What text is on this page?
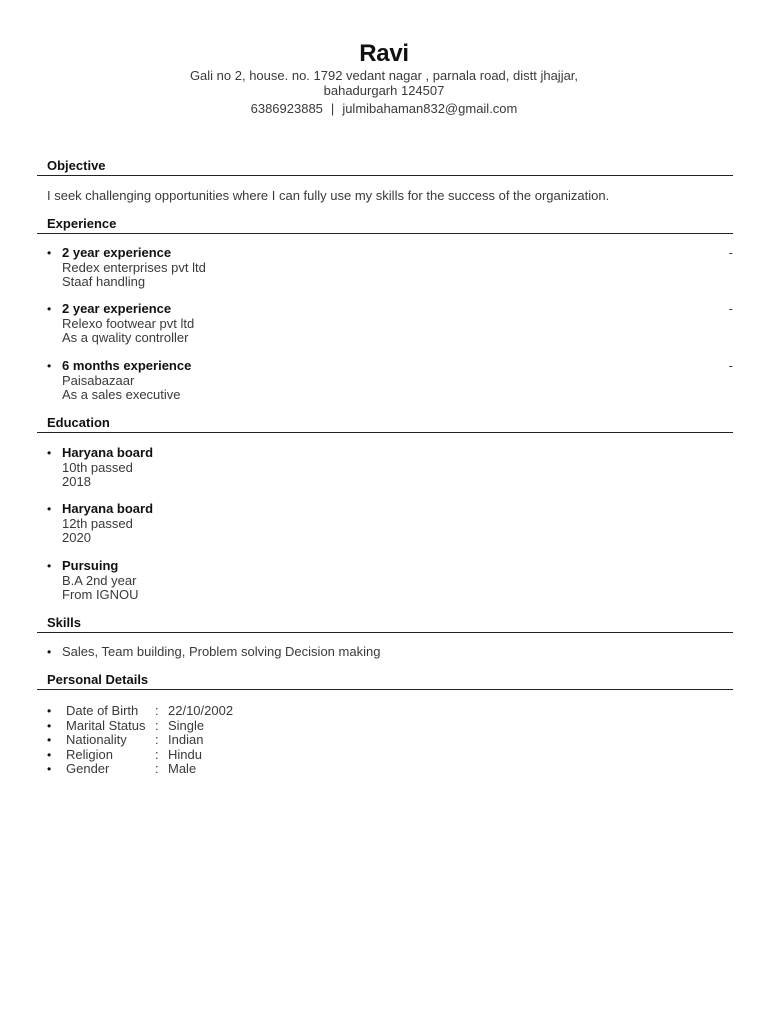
Ravi
Gali no 2, house. no. 1792 vedant nagar , parnala road, distt jhajjar,
bahadurgarh 124507
6386923885 | julmibahaman832@gmail.com
Objective
I seek challenging opportunities where I can fully use my skills for the success of the organization.
Experience
• 2 year experience
Redex enterprises pvt ltd
Staaf handling
-
• 2 year experience
Relexo footwear pvt ltd
As a qwality controller
-
• 6 months experience
Paisabazaar
As a sales executive
-
Education
• Haryana board
10th passed
2018
• Haryana board
12th passed
2020
• Pursuing
B.A 2nd year
From IGNOU
Skills
• Sales, Team building, Problem solving Decision making
Personal Details
• Date of Birth : 22/10/2002
• Marital Status : Single
• Nationality : Indian
• Religion	: Hindu
• Gender	: Male
